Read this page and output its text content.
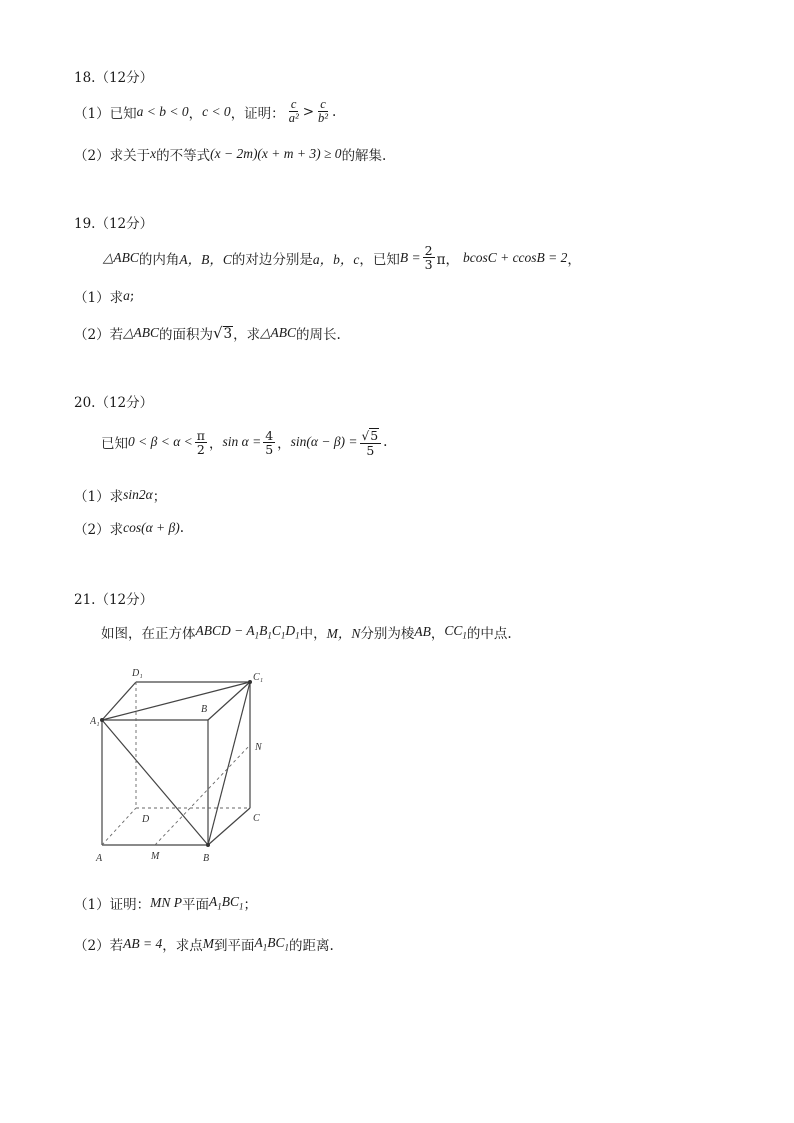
18.（12分）
（1）已知 a < b < 0 ， c < 0 ，证明： $\frac{c}{\text{a²}} > \frac{c}{\text{b²}}$ .
（2）求关于 x 的不等式 (x − 2m)(x + m + 3) ≥ 0 的解集.
19.（12分）
△ABC 的内角 A，B，C 的对边分别是 a，b，c ，已知 $B = \frac{2}{3}$ π， bcosC + ccosB = 2 ，
（1）求 a ;
（2）若 △ABC 的面积为 √ 3 ，求 △ABC 的周长.
20.（12分）
已知 $0 < \beta < \alpha < \frac{\pi}{2}$ ， $\sin \alpha = \frac{4}{5}$ ， $\sin(\alpha - \beta) = \frac{√ 5}{5}$ .
（1）求 sin2α ；
（2）求 cos(α + β) .
21.（12分）
如图，在正方体 ABCD − $A_1B_1C_1D_1$ 中， M，N 分别为棱 AB ， $CC_1$ 的中点.
D₁	C₁
A₁
B
N
D	C
A	M	B
（1）证明： MN P 平面 $A_1BC_1$ ；
（2）若 AB = 4 ，求点 M 到平面 $A_1BC_1$ 的距离.
